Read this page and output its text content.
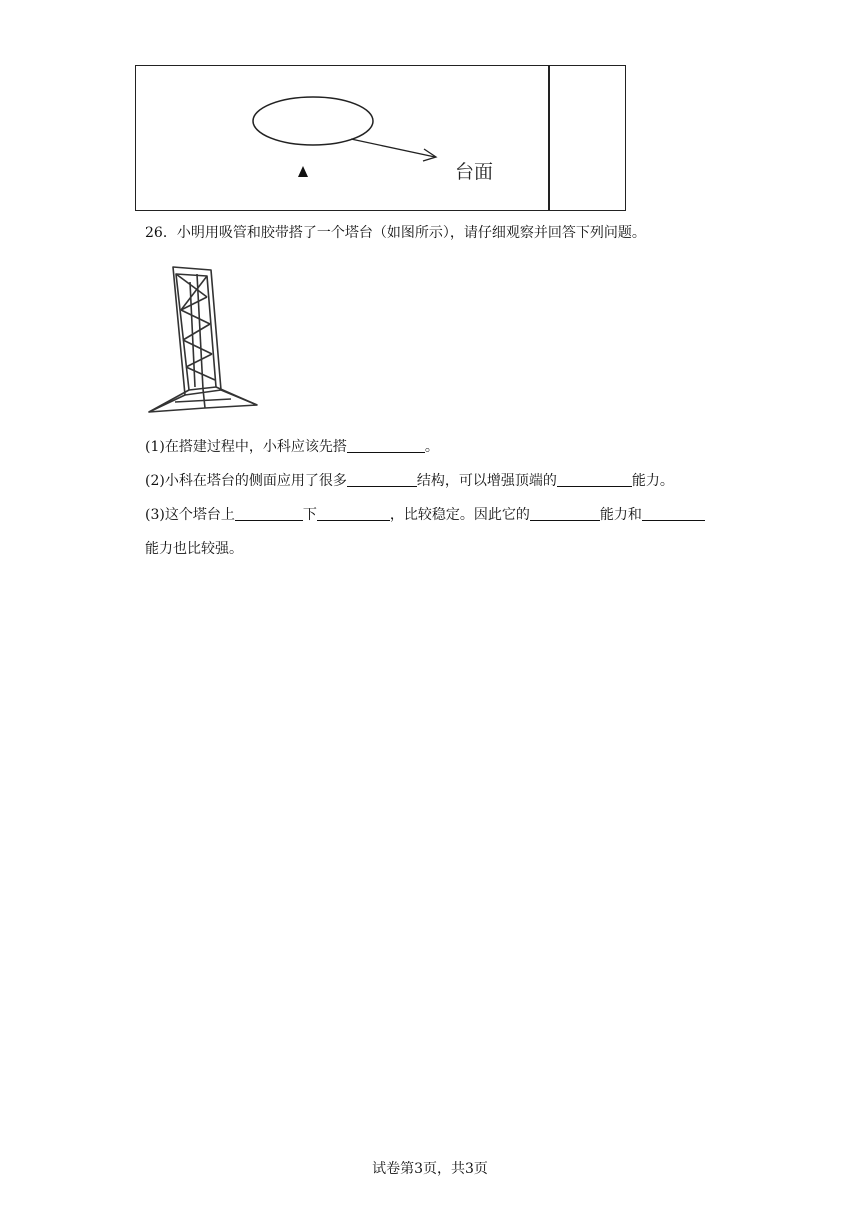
台面
26．小明用吸管和胶带搭了一个塔台（如图所示），请仔细观察并回答下列问题。
(1)在搭建过程中，小科应该先搭	。
(2)小科在塔台的侧面应用了很多	结构，可以增强顶端的	能力。
(3)这个塔台上	下	，比较稳定。因此它的	能力和
能力也比较强。
试卷第3页，共3页
